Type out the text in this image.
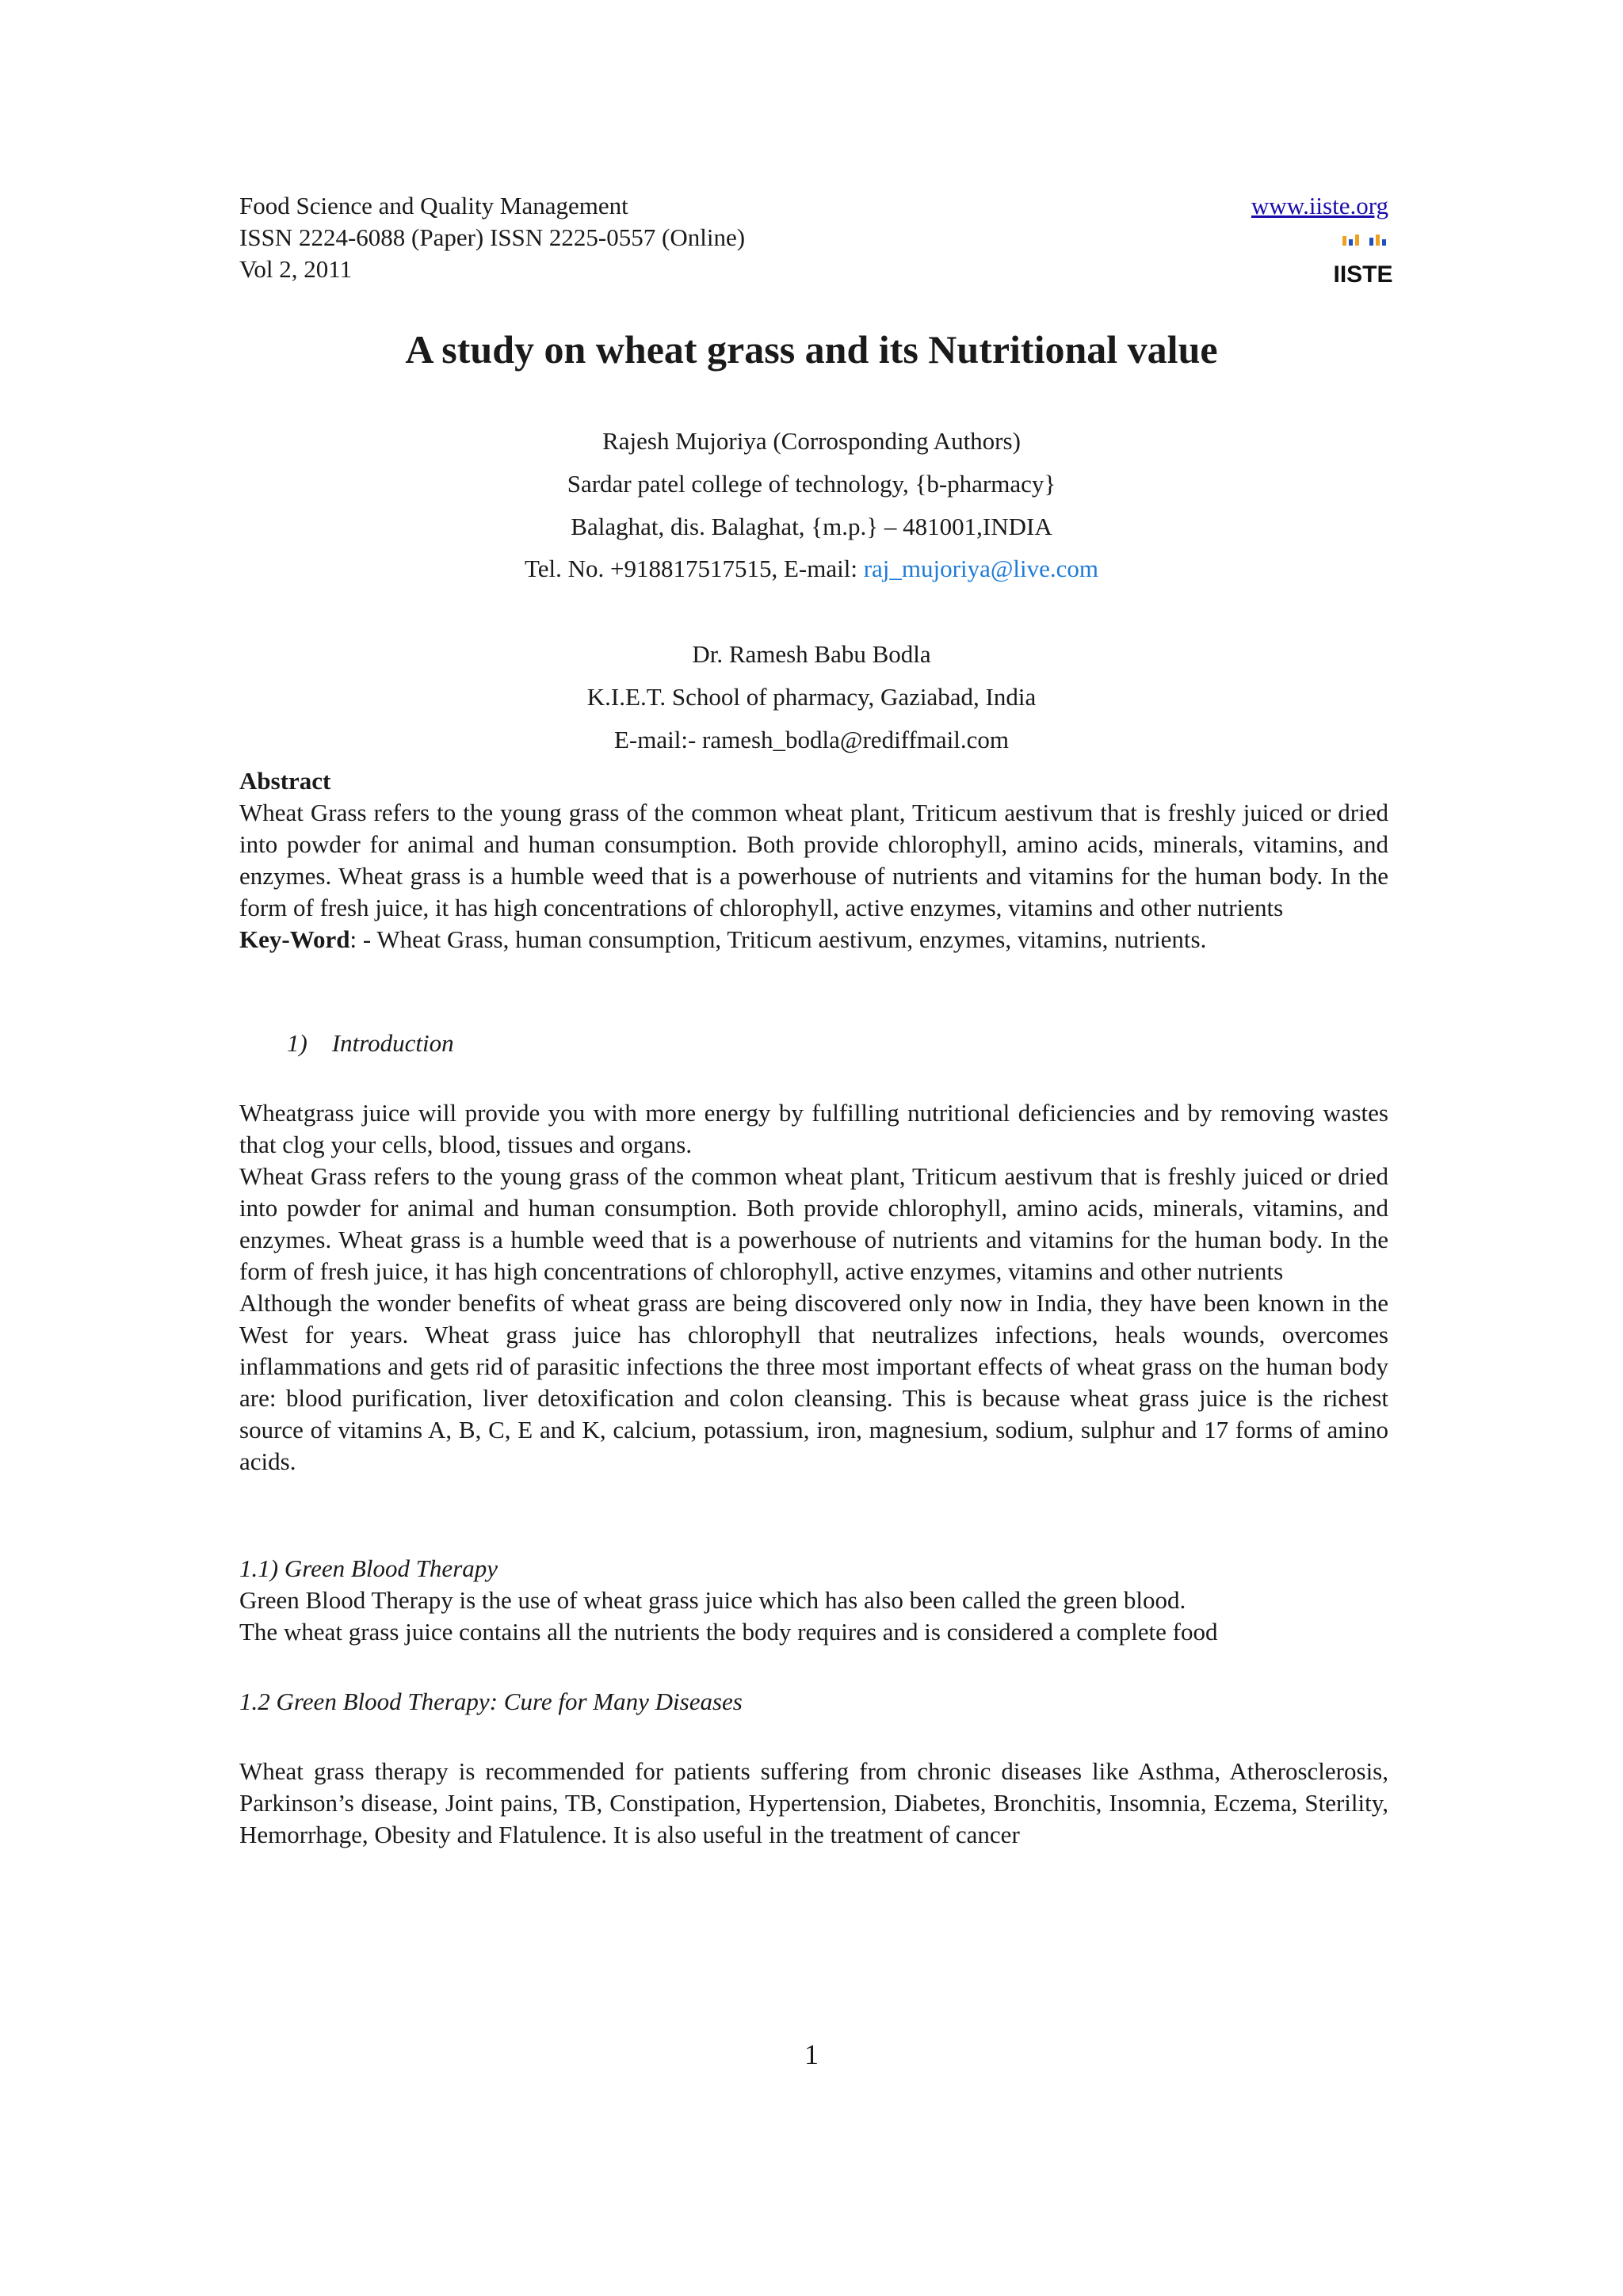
Food Science and Quality Management
ISSN 2224-6088 (Paper) ISSN 2225-0557 (Online)
Vol 2, 2011
www.iiste.org
IISTE
A study on wheat grass and its Nutritional value
Rajesh Mujoriya (Corrosponding Authors)
Sardar patel college of technology, {b-pharmacy}
Balaghat, dis. Balaghat, {m.p.} – 481001,INDIA
Tel. No. +918817517515, E-mail: raj_mujoriya@live.com
Dr. Ramesh Babu Bodla
K.I.E.T. School of pharmacy, Gaziabad, India
E-mail:- ramesh_bodla@rediffmail.com

Abstract

Wheat Grass refers to the young grass of the common wheat plant, Triticum aestivum that is freshly juiced or dried into powder for animal and human consumption. Both provide chlorophyll, amino acids, minerals, vitamins, and enzymes. Wheat grass is a humble weed that is a powerhouse of nutrients and vitamins for the human body. In the form of fresh juice, it has high concentrations of chlorophyll, active enzymes, vitamins and other nutrients

Key-Word: - Wheat Grass, human consumption, Triticum aestivum, enzymes, vitamins, nutrients.

1) Introduction

Wheatgrass juice will provide you with more energy by fulfilling nutritional deficiencies and by removing wastes that clog your cells, blood, tissues and organs.

Wheat Grass refers to the young grass of the common wheat plant, Triticum aestivum that is freshly juiced or dried into powder for animal and human consumption. Both provide chlorophyll, amino acids, minerals, vitamins, and enzymes. Wheat grass is a humble weed that is a powerhouse of nutrients and vitamins for the human body. In the form of fresh juice, it has high concentrations of chlorophyll, active enzymes, vitamins and other nutrients

Although the wonder benefits of wheat grass are being discovered only now in India, they have been known in the West for years. Wheat grass juice has chlorophyll that neutralizes infections, heals wounds, overcomes inflammations and gets rid of parasitic infections the three most important effects of wheat grass on the human body are: blood purification, liver detoxification and colon cleansing. This is because wheat grass juice is the richest source of vitamins A, B, C, E and K, calcium, potassium, iron, magnesium, sodium, sulphur and 17 forms of amino acids.

1.1) Green Blood Therapy

Green Blood Therapy is the use of wheat grass juice which has also been called the green blood.

The wheat grass juice contains all the nutrients the body requires and is considered a complete food

1.2 Green Blood Therapy: Cure for Many Diseases

Wheat grass therapy is recommended for patients suffering from chronic diseases like Asthma, Atherosclerosis, Parkinson’s disease, Joint pains, TB, Constipation, Hypertension, Diabetes, Bronchitis, Insomnia, Eczema, Sterility, Hemorrhage, Obesity and Flatulence. It is also useful in the treatment of cancer

1
